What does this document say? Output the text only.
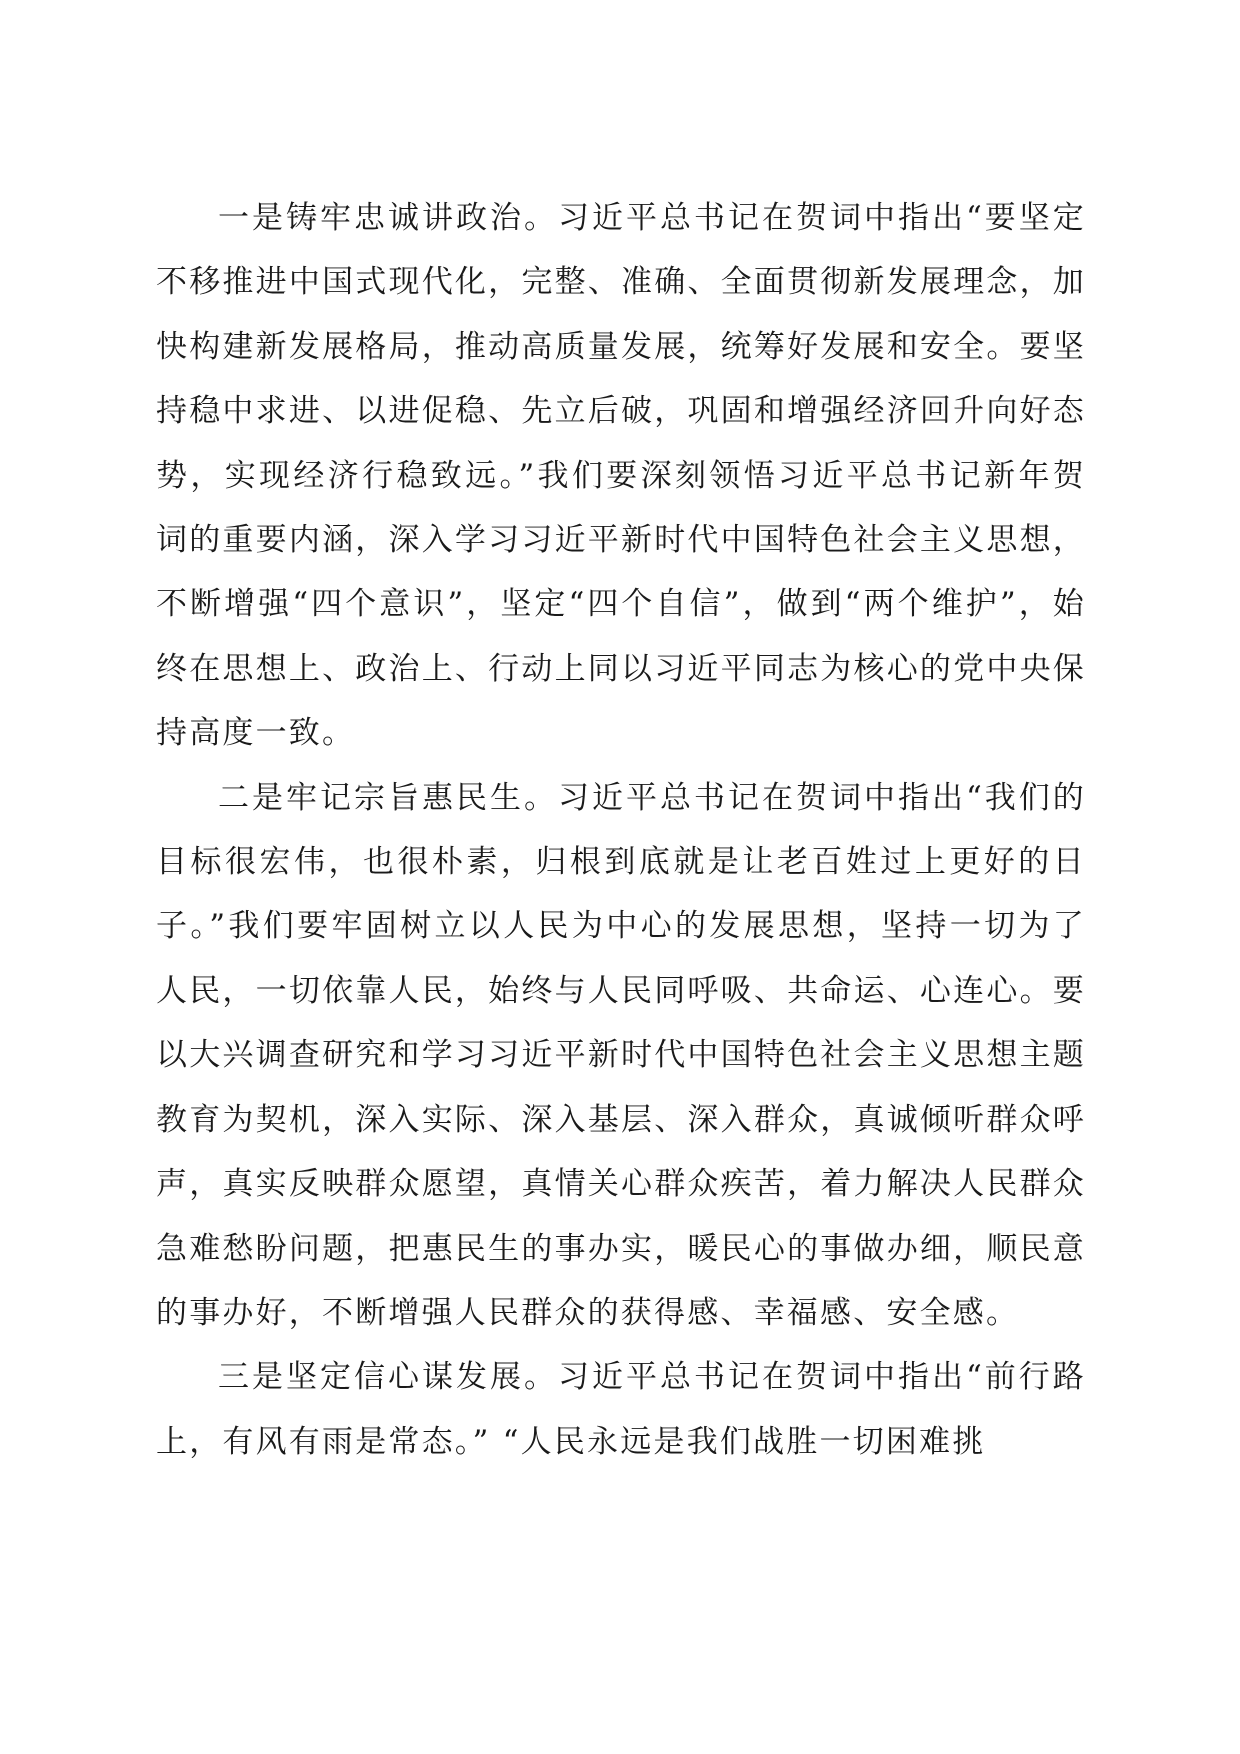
一是铸牢忠诚讲政治。习近平总书记在贺词中指出“要坚定不移推进中国式现代化，完整、准确、全面贯彻新发展理念，加快构建新发展格局，推动高质量发展，统筹好发展和安全。要坚持稳中求进、以进促稳、先立后破，巩固和增强经济回升向好态势，实现经济行稳致远。”我们要深刻领悟习近平总书记新年贺词的重要内涵，深入学习习近平新时代中国特色社会主义思想，不断增强“四个意识”，坚定“四个自信”，做到“两个维护”，始终在思想上、政治上、行动上同以习近平同志为核心的党中央保持高度一致。

二是牢记宗旨惠民生。习近平总书记在贺词中指出“我们的目标很宏伟，也很朴素，归根到底就是让老百姓过上更好的日子。”我们要牢固树立以人民为中心的发展思想，坚持一切为了人民，一切依靠人民，始终与人民同呼吸、共命运、心连心。要以大兴调查研究和学习习近平新时代中国特色社会主义思想主题教育为契机，深入实际、深入基层、深入群众，真诚倾听群众呼声，真实反映群众愿望，真情关心群众疾苦，着力解决人民群众急难愁盼问题，把惠民生的事办实，暖民心的事做办细，顺民意的事办好，不断增强人民群众的获得感、幸福感、安全感。

三是坚定信心谋发展。习近平总书记在贺词中指出“前行路上，有风有雨是常态。” “人民永远是我们战胜一切困难挑
